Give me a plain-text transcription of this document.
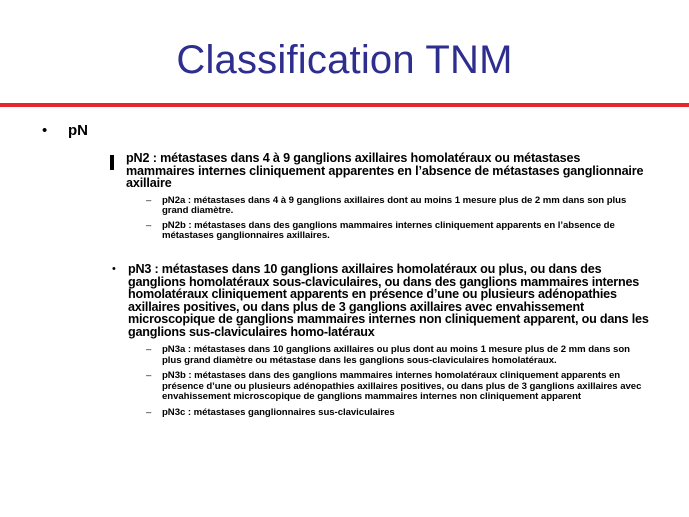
Classification TNM
• pN
pN2 : métastases dans 4 à 9 ganglions axillaires homolatéraux ou métastases mammaires internes cliniquement apparentes en l’absence de métastases ganglionnaire axillaire
– pN2a : métastases dans 4 à 9 ganglions axillaires dont au moins 1 mesure plus de 2 mm dans son plus grand diamètre.
– pN2b : métastases dans des ganglions mammaires internes cliniquement apparents en l’absence de métastases ganglionnaires axillaires.
• pN3 : métastases dans 10 ganglions axillaires homolatéraux ou plus, ou dans des ganglions homolatéraux sous-claviculaires, ou dans des ganglions mammaires internes homolatéraux cliniquement apparents en présence d’une ou plusieurs adénopathies axillaires positives, ou dans plus de 3 ganglions axillaires avec envahissement microscopique de ganglions mammaires internes non cliniquement apparent, ou dans les ganglions sus-claviculaires homo-latéraux
– pN3a : métastases dans 10 ganglions axillaires ou plus dont au moins 1 mesure plus de 2 mm dans son plus grand diamètre ou métastase dans les ganglions sous-claviculaires homolatéraux.
– pN3b : métastases dans des ganglions mammaires internes homolatéraux cliniquement apparents en présence d’une ou plusieurs adénopathies axillaires positives, ou dans plus de 3 ganglions axillaires avec envahissement microscopique de ganglions mammaires internes non cliniquement apparent
– pN3c : métastases ganglionnaires sus-claviculaires
